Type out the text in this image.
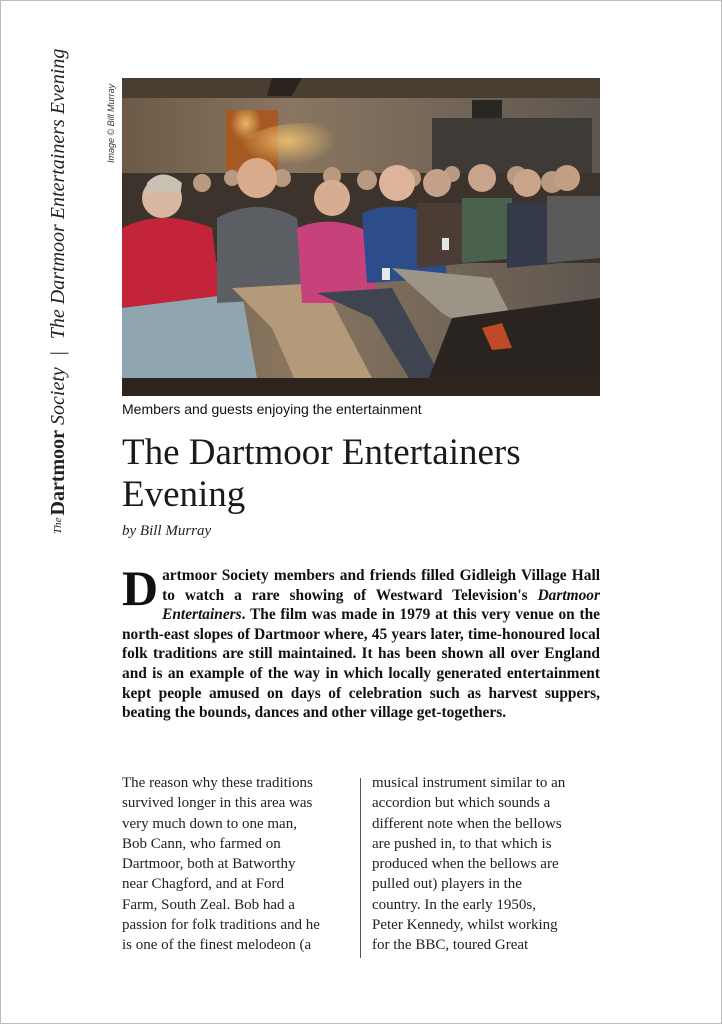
The
Dartmoor
Society
|
The Dartmoor Entertainers Evening	Image © Bill Murray
Members and guests enjoying the entertainment
The Dartmoor Entertainers
Evening
by Bill Murray
Dartmoor Society members and friends filled Gidleigh Village Hall to watch a rare showing of Westward Television's Dartmoor Entertainers. The film was made in 1979 at this very venue on the north-east slopes of Dartmoor where, 45 years later, time-honoured local folk traditions are still maintained. It has been shown all over England and is an example of the way in which locally generated entertainment kept people amused on days of celebration such as harvest suppers, beating the bounds, dances and other village get-togethers.

The reason why these traditions

survived longer in this area was

very much down to one man,

Bob Cann, who farmed on

Dartmoor, both at Batworthy

near Chagford, and at Ford

Farm, South Zeal. Bob had a

passion for folk traditions and he

is one of the finest melodeon (a

musical instrument similar to an

accordion but which sounds a

different note when the bellows

are pushed in, to that which is

produced when the bellows are

pulled out) players in the

country. In the early 1950s,

Peter Kennedy, whilst working

for the BBC, toured Great
